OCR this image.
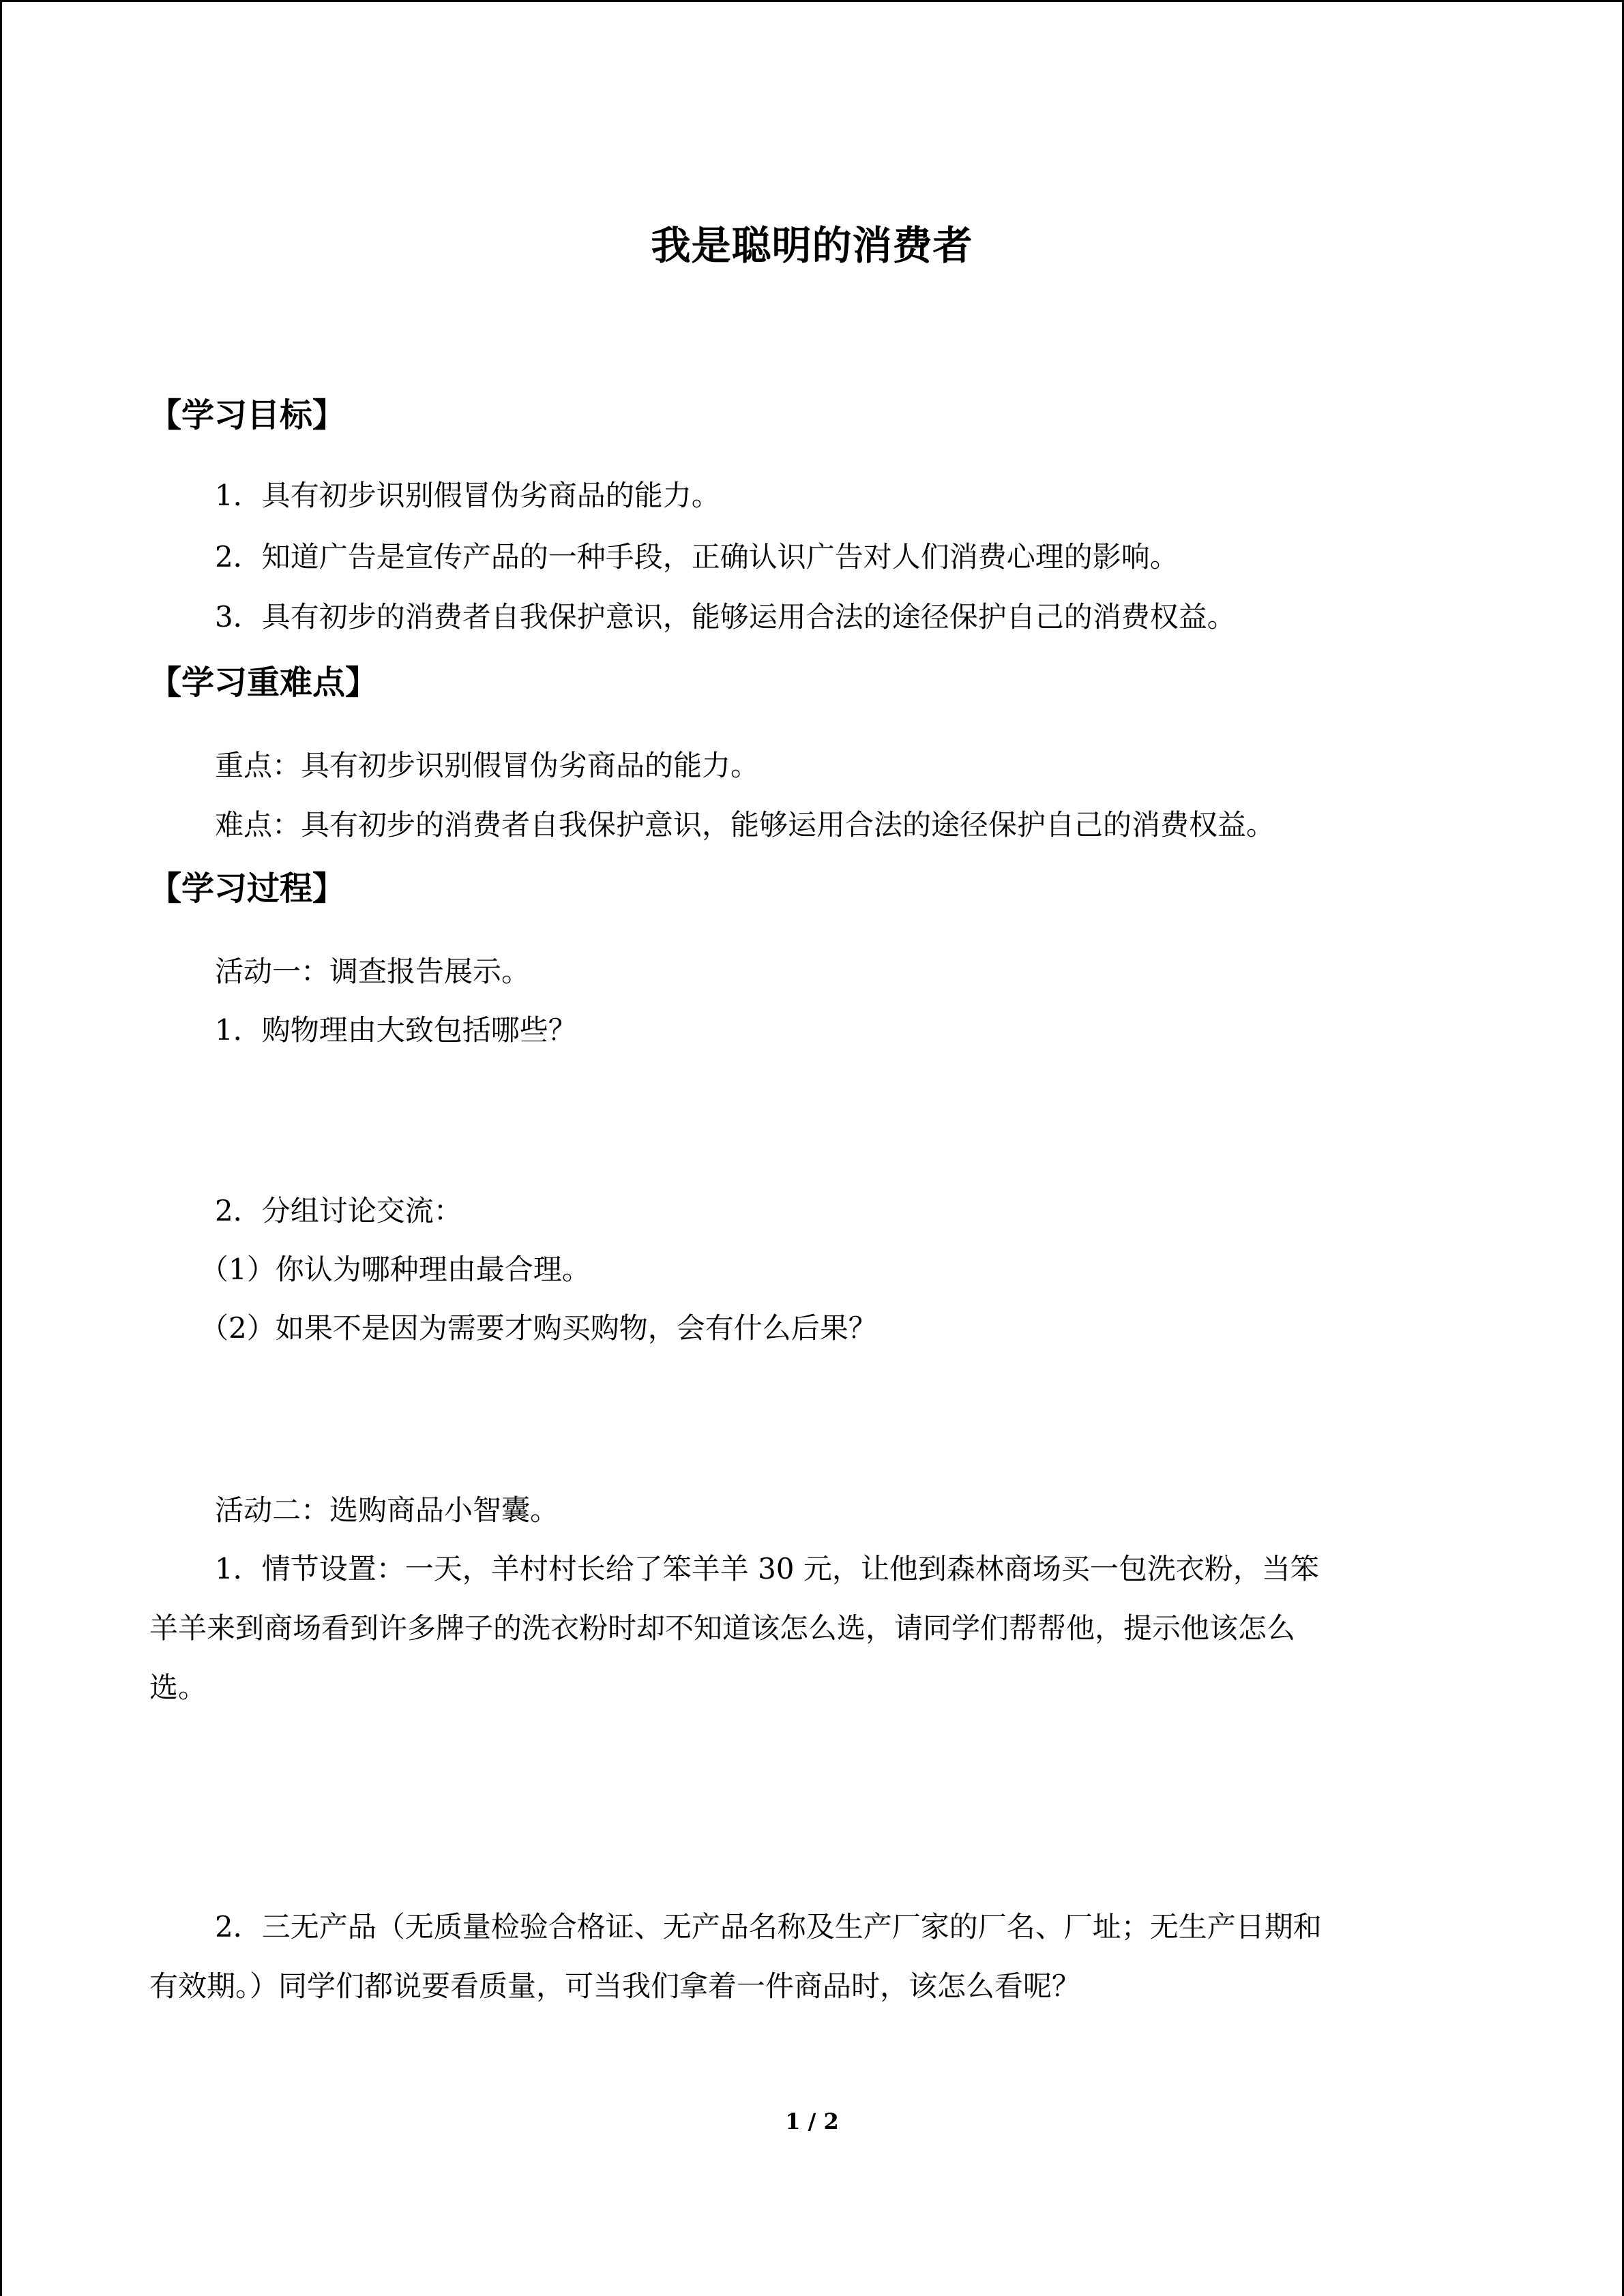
我是聪明的消费者
【学习目标】
1．具有初步识别假冒伪劣商品的能力。
2．知道广告是宣传产品的一种手段，正确认识广告对人们消费心理的影响。
3．具有初步的消费者自我保护意识，能够运用合法的途径保护自己的消费权益。
【学习重难点】
重点：具有初步识别假冒伪劣商品的能力。
难点：具有初步的消费者自我保护意识，能够运用合法的途径保护自己的消费权益。
【学习过程】
活动一：调查报告展示。
1．购物理由大致包括哪些？
2．分组讨论交流：
（1）你认为哪种理由最合理。
（2）如果不是因为需要才购买购物，会有什么后果？
活动二：选购商品小智囊。
1．情节设置：一天，羊村村长给了笨羊羊 30 元，让他到森林商场买一包洗衣粉，当笨
羊羊来到商场看到许多牌子的洗衣粉时却不知道该怎么选，请同学们帮帮他，提示他该怎么
选。
2．三无产品（无质量检验合格证、无产品名称及生产厂家的厂名、厂址；无生产日期和
有效期。）同学们都说要看质量，可当我们拿着一件商品时，该怎么看呢？
1 / 2
